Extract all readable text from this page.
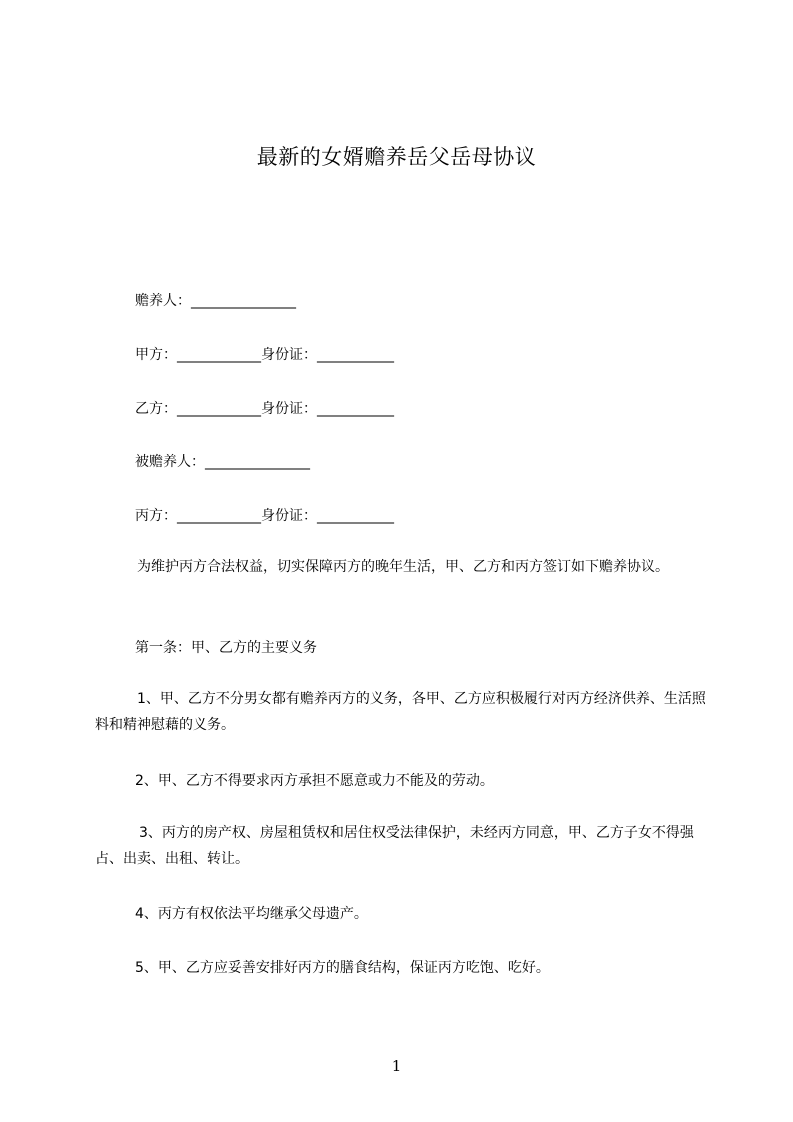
最新的女婿赡养岳父岳母协议
赡养人：_______________
甲方：____________身份证：___________
乙方：____________身份证：___________
被赡养人：_______________
丙方：____________身份证：___________
为维护丙方合法权益，切实保障丙方的晚年生活，甲、乙方和丙方签订如下赡养协议。
第一条：甲、乙方的主要义务
1、甲、乙方不分男女都有赡养丙方的义务，各甲、乙方应积极履行对丙方经济供养、生活照料和精神慰藉的义务。
2、甲、乙方不得要求丙方承担不愿意或力不能及的劳动。
3、丙方的房产权、房屋租赁权和居住权受法律保护，未经丙方同意，甲、乙方子女不得强占、出卖、出租、转让。
4、丙方有权依法平均继承父母遗产。
5、甲、乙方应妥善安排好丙方的膳食结构，保证丙方吃饱、吃好。
1
